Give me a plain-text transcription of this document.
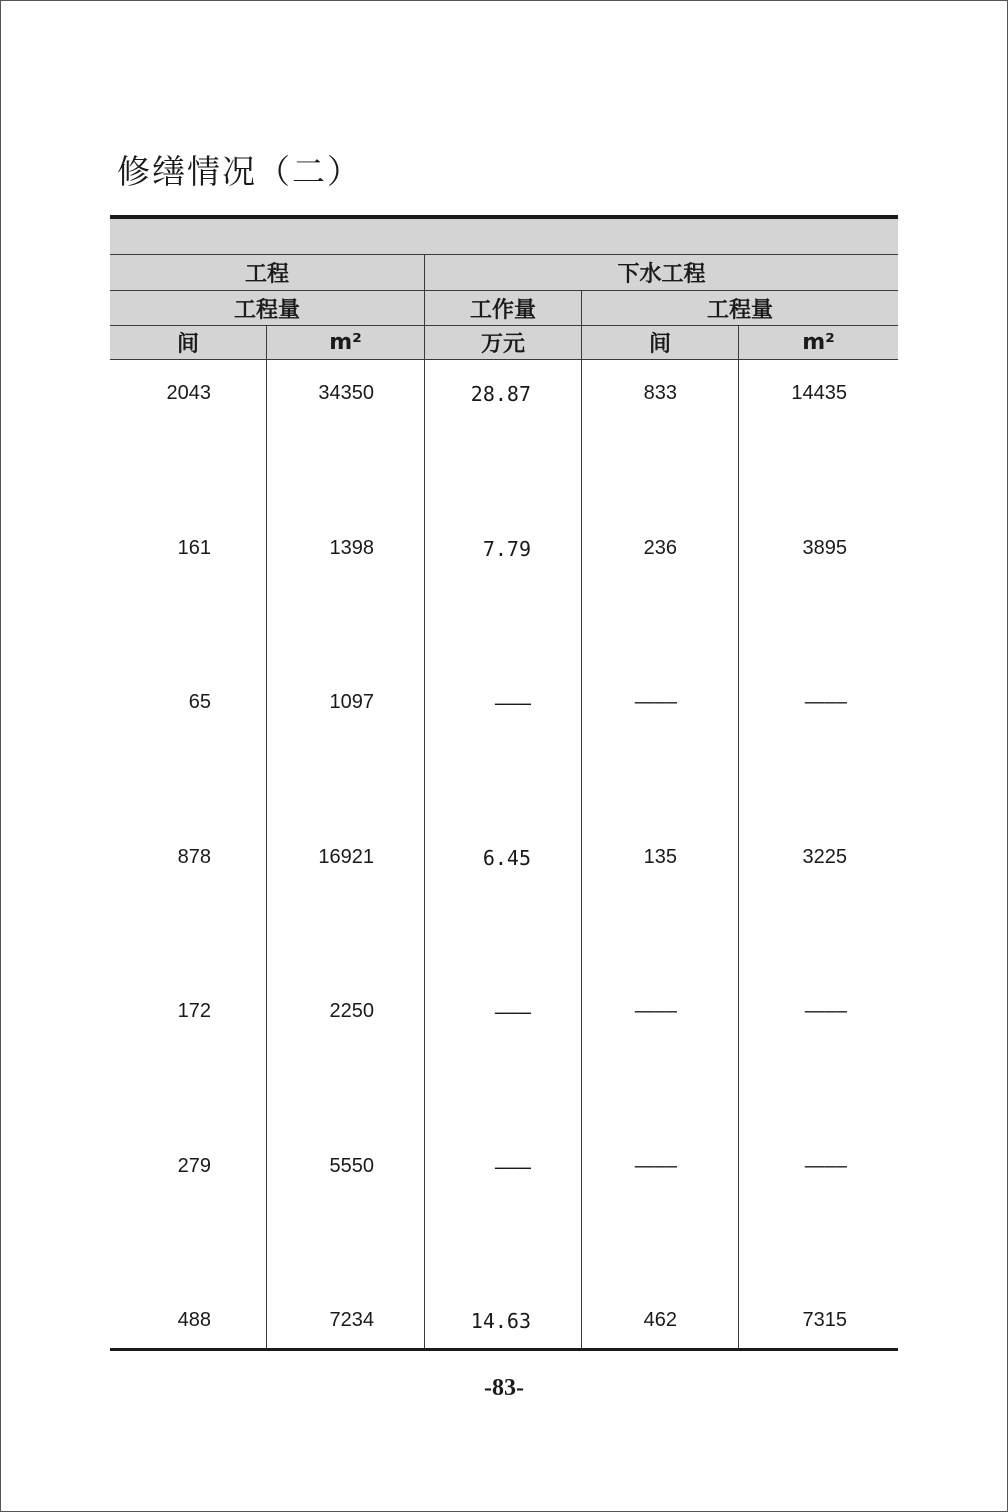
修缮情况（二）
工程	下水工程
工程量	工作量	工程量
间	m²	万元	间	m²
2043	34350	28.87	833	14435
161	1398	7.79	236	3895
65	1097	—––	—––	—––
878	16921	6.45	135	3225
172	2250	—––	—––	—––
279	5550	—––	—––	—––
488	7234	14.63	462	7315
-83-
